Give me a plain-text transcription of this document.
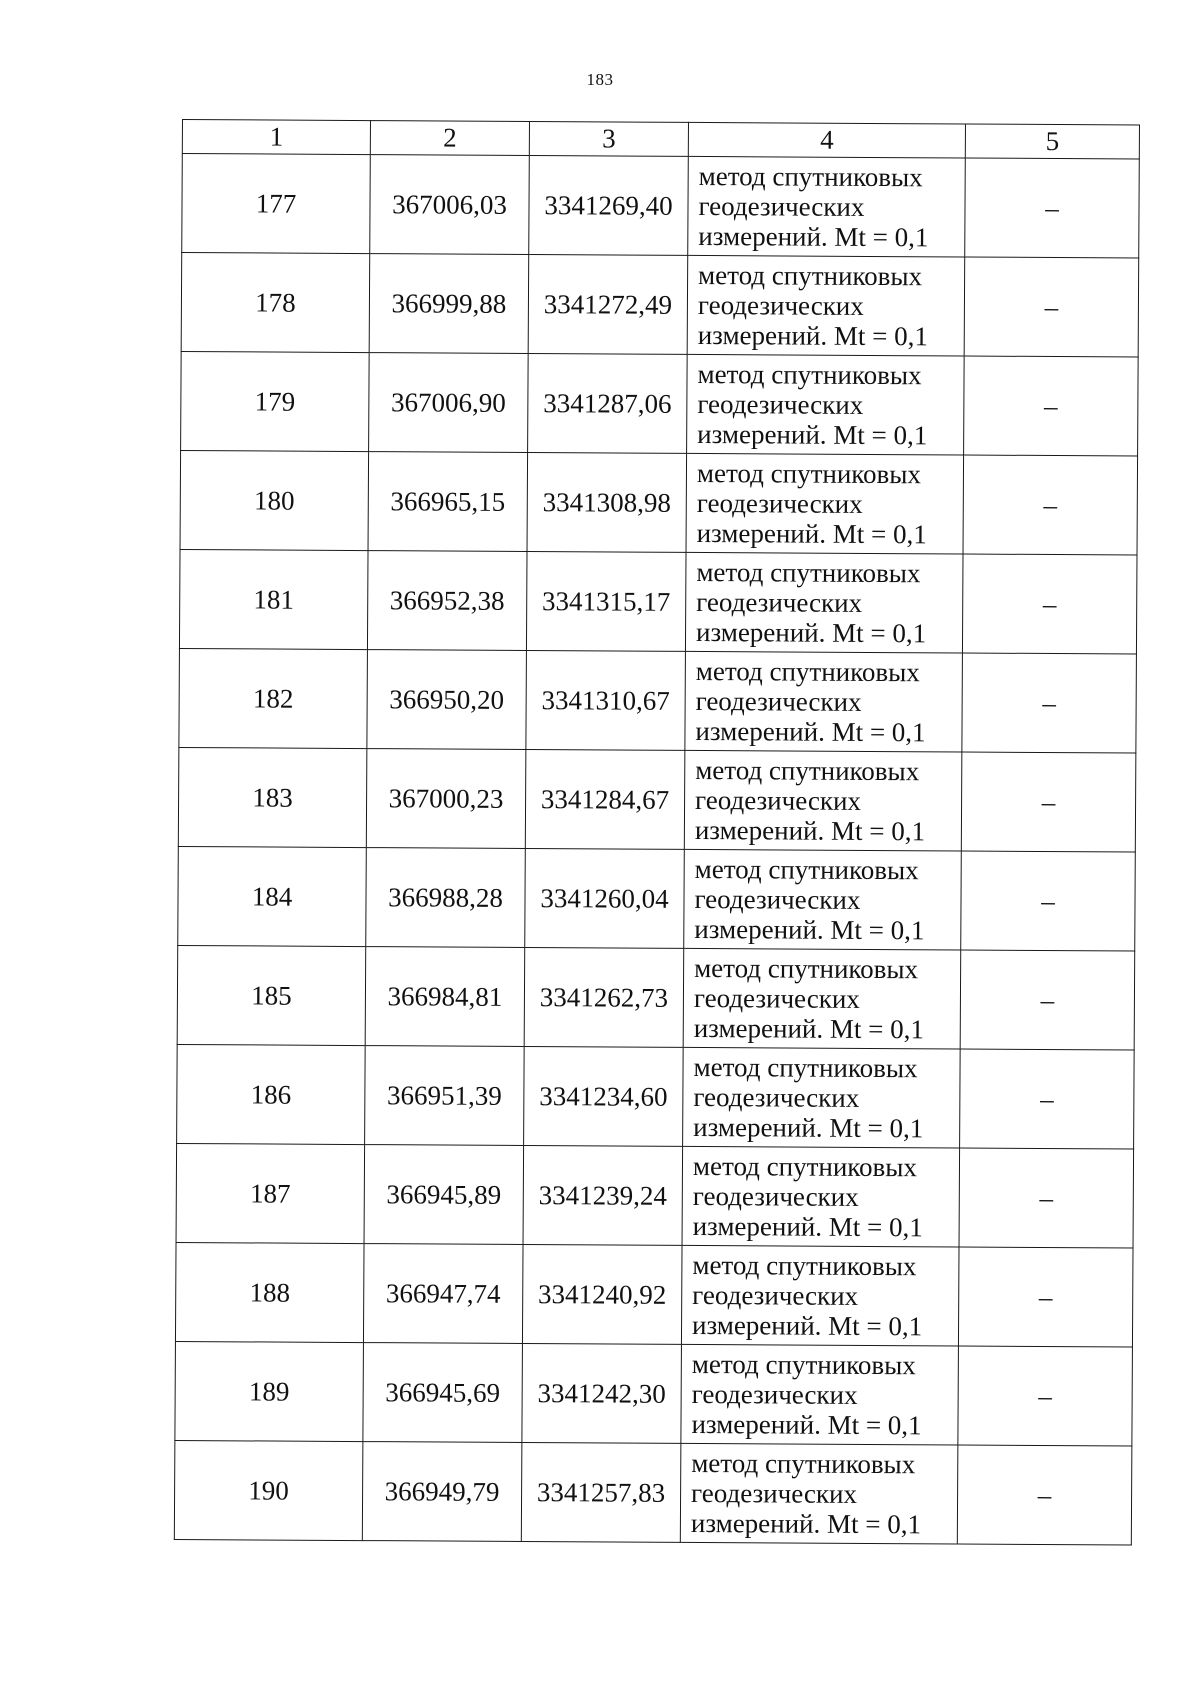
183
1	2	3	4	5
177	367006,03	3341269,40	метод спутниковых
геодезических
измерений. Mt = 0,1	–
178	366999,88	3341272,49	метод спутниковых
геодезических
измерений. Mt = 0,1	–
179	367006,90	3341287,06	метод спутниковых
геодезических
измерений. Mt = 0,1	–
180	366965,15	3341308,98	метод спутниковых
геодезических
измерений. Mt = 0,1	–
181	366952,38	3341315,17	метод спутниковых
геодезических
измерений. Mt = 0,1	–
182	366950,20	3341310,67	метод спутниковых
геодезических
измерений. Mt = 0,1	–
183	367000,23	3341284,67	метод спутниковых
геодезических
измерений. Mt = 0,1	–
184	366988,28	3341260,04	метод спутниковых
геодезических
измерений. Mt = 0,1	–
185	366984,81	3341262,73	метод спутниковых
геодезических
измерений. Mt = 0,1	–
186	366951,39	3341234,60	метод спутниковых
геодезических
измерений. Mt = 0,1	–
187	366945,89	3341239,24	метод спутниковых
геодезических
измерений. Mt = 0,1	–
188	366947,74	3341240,92	метод спутниковых
геодезических
измерений. Mt = 0,1	–
189	366945,69	3341242,30	метод спутниковых
геодезических
измерений. Mt = 0,1	–
190	366949,79	3341257,83	метод спутниковых
геодезических
измерений. Mt = 0,1	–
